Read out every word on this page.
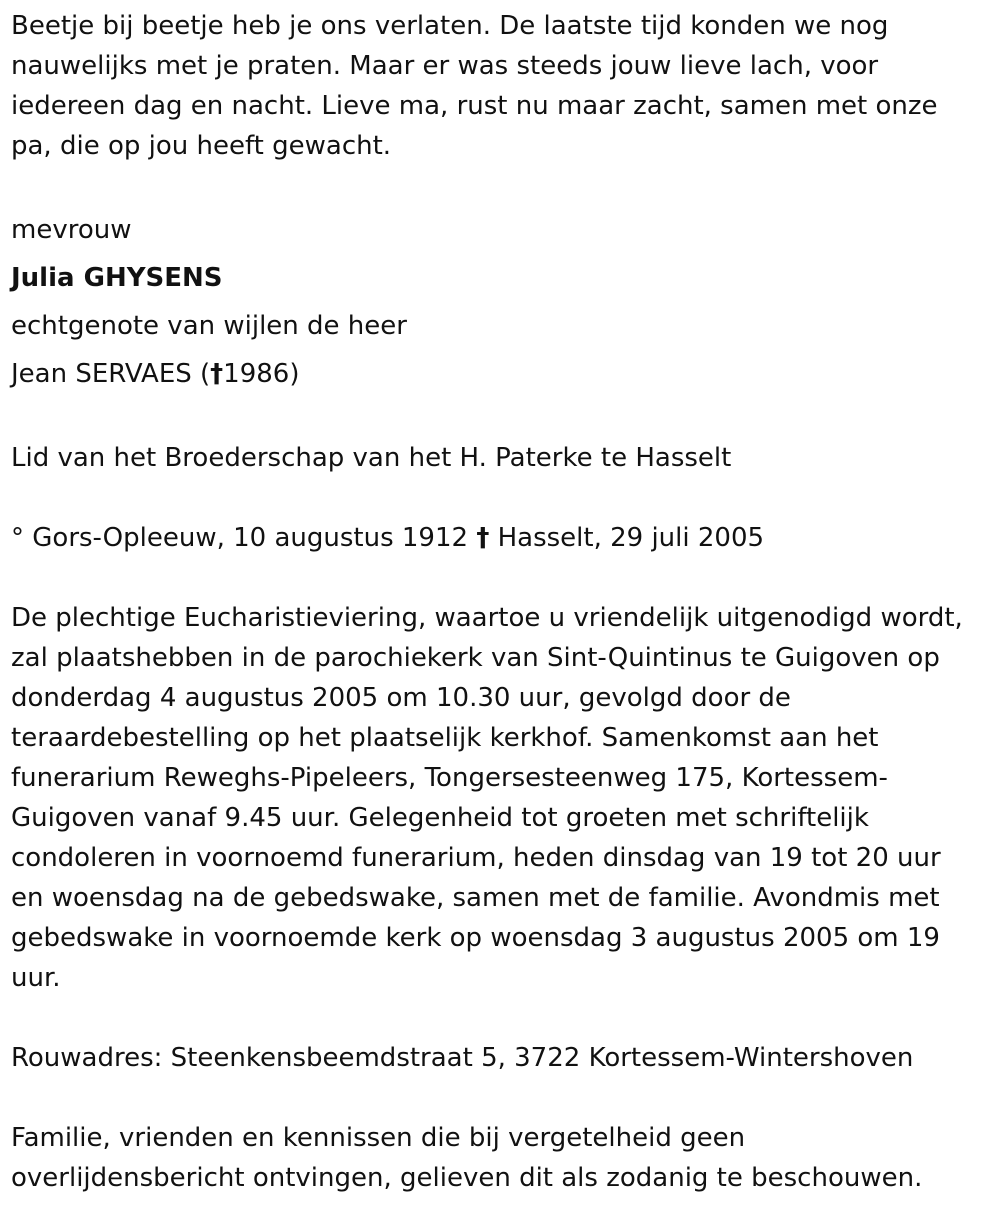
Beetje bij beetje heb je ons verlaten. De laatste tijd konden we nog

nauwelijks met je praten. Maar er was steeds jouw lieve lach, voor

iedereen dag en nacht. Lieve ma, rust nu maar zacht, samen met onze

pa, die op jou heeft gewacht.

mevrouw

Julia GHYSENS

echtgenote van wijlen de heer

Jean SERVAES (†1986)

Lid van het Broederschap van het H. Paterke te Hasselt

° Gors-Opleeuw, 10 augustus 1912 † Hasselt, 29 juli 2005

De plechtige Eucharistieviering, waartoe u vriendelijk uitgenodigd wordt,

zal plaatshebben in de parochiekerk van Sint-Quintinus te Guigoven op

donderdag 4 augustus 2005 om 10.30 uur, gevolgd door de

teraardebestelling op het plaatselijk kerkhof. Samenkomst aan het

funerarium Reweghs-Pipeleers, Tongersesteenweg 175, Kortessem-

Guigoven vanaf 9.45 uur. Gelegenheid tot groeten met schriftelijk

condoleren in voornoemd funerarium, heden dinsdag van 19 tot 20 uur

en woensdag na de gebedswake, samen met de familie. Avondmis met

gebedswake in voornoemde kerk op woensdag 3 augustus 2005 om 19

uur.

Rouwadres: Steenkensbeemdstraat 5, 3722 Kortessem-Wintershoven

Familie, vrienden en kennissen die bij vergetelheid geen

overlijdensbericht ontvingen, gelieven dit als zodanig te beschouwen.
